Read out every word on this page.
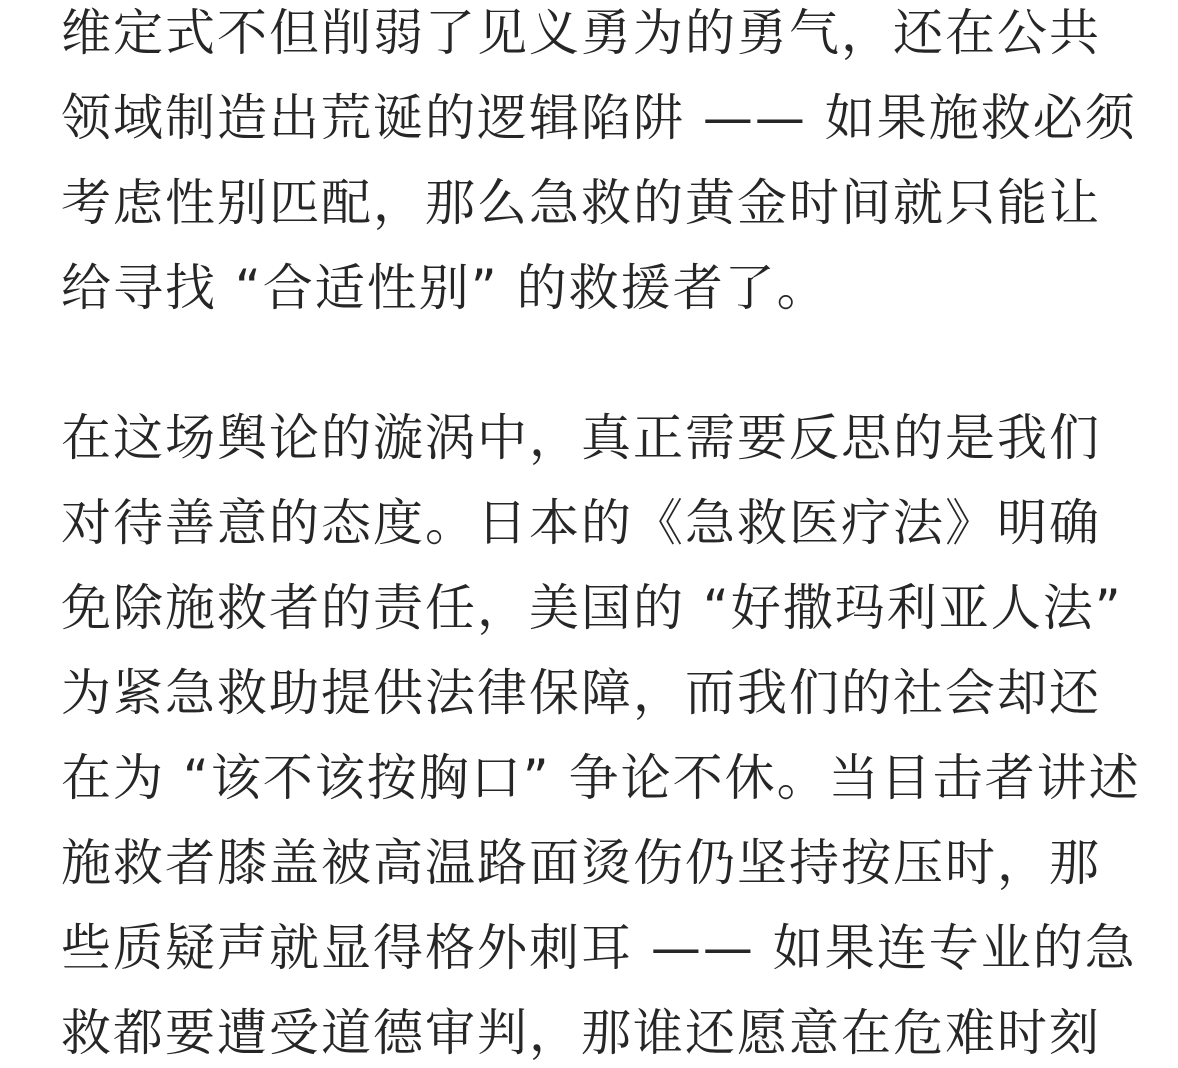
维定式不但削弱了见义勇为的勇气，还在公共
领域制造出荒诞的逻辑陷阱 —— 如果施救必须
考虑性别匹配，那么急救的黄金时间就只能让
给寻找 “合适性别” 的救援者了。
在这场舆论的漩涡中，真正需要反思的是我们
对待善意的态度。日本的《急救医疗法》明确
免除施救者的责任，美国的 “好撒玛利亚人法”
为紧急救助提供法律保障，而我们的社会却还
在为 “该不该按胸口” 争论不休。当目击者讲述
施救者膝盖被高温路面烫伤仍坚持按压时，那
些质疑声就显得格外刺耳 —— 如果连专业的急
救都要遭受道德审判，那谁还愿意在危难时刻
